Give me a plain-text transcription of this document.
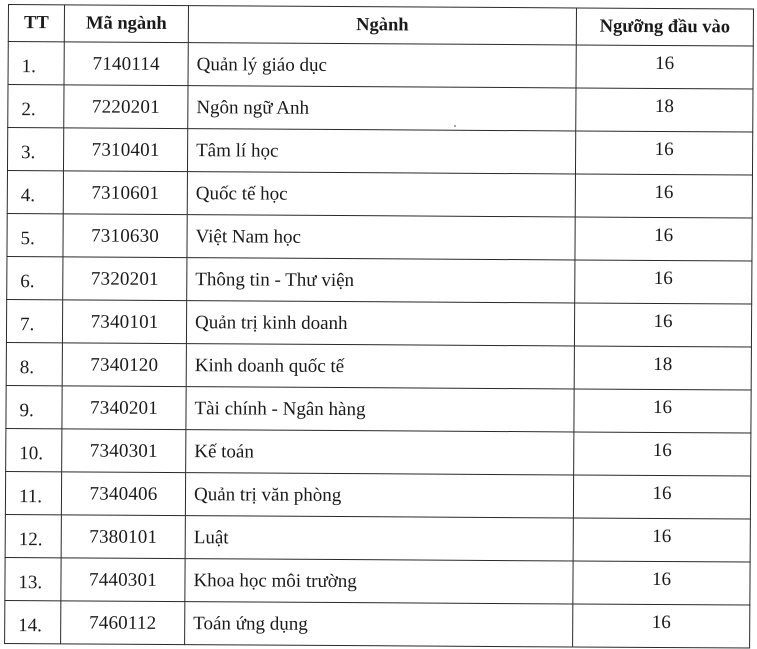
TT	Mã ngành	Ngành	Ngưỡng đầu vào
1.	7140114	Quản lý giáo dục	16
2.	7220201	Ngôn ngữ Anh	18
3.	7310401	Tâm lí học	16
4.	7310601	Quốc tế học	16
5.	7310630	Việt Nam học	16
6.	7320201	Thông tin - Thư viện	16
7.	7340101	Quản trị kinh doanh	16
8.	7340120	Kinh doanh quốc tế	18
9.	7340201	Tài chính - Ngân hàng	16
10.	7340301	Kế toán	16
11.	7340406	Quản trị văn phòng	16
12.	7380101	Luật	16
13.	7440301	Khoa học môi trường	16
14.	7460112	Toán ứng dụng	16
